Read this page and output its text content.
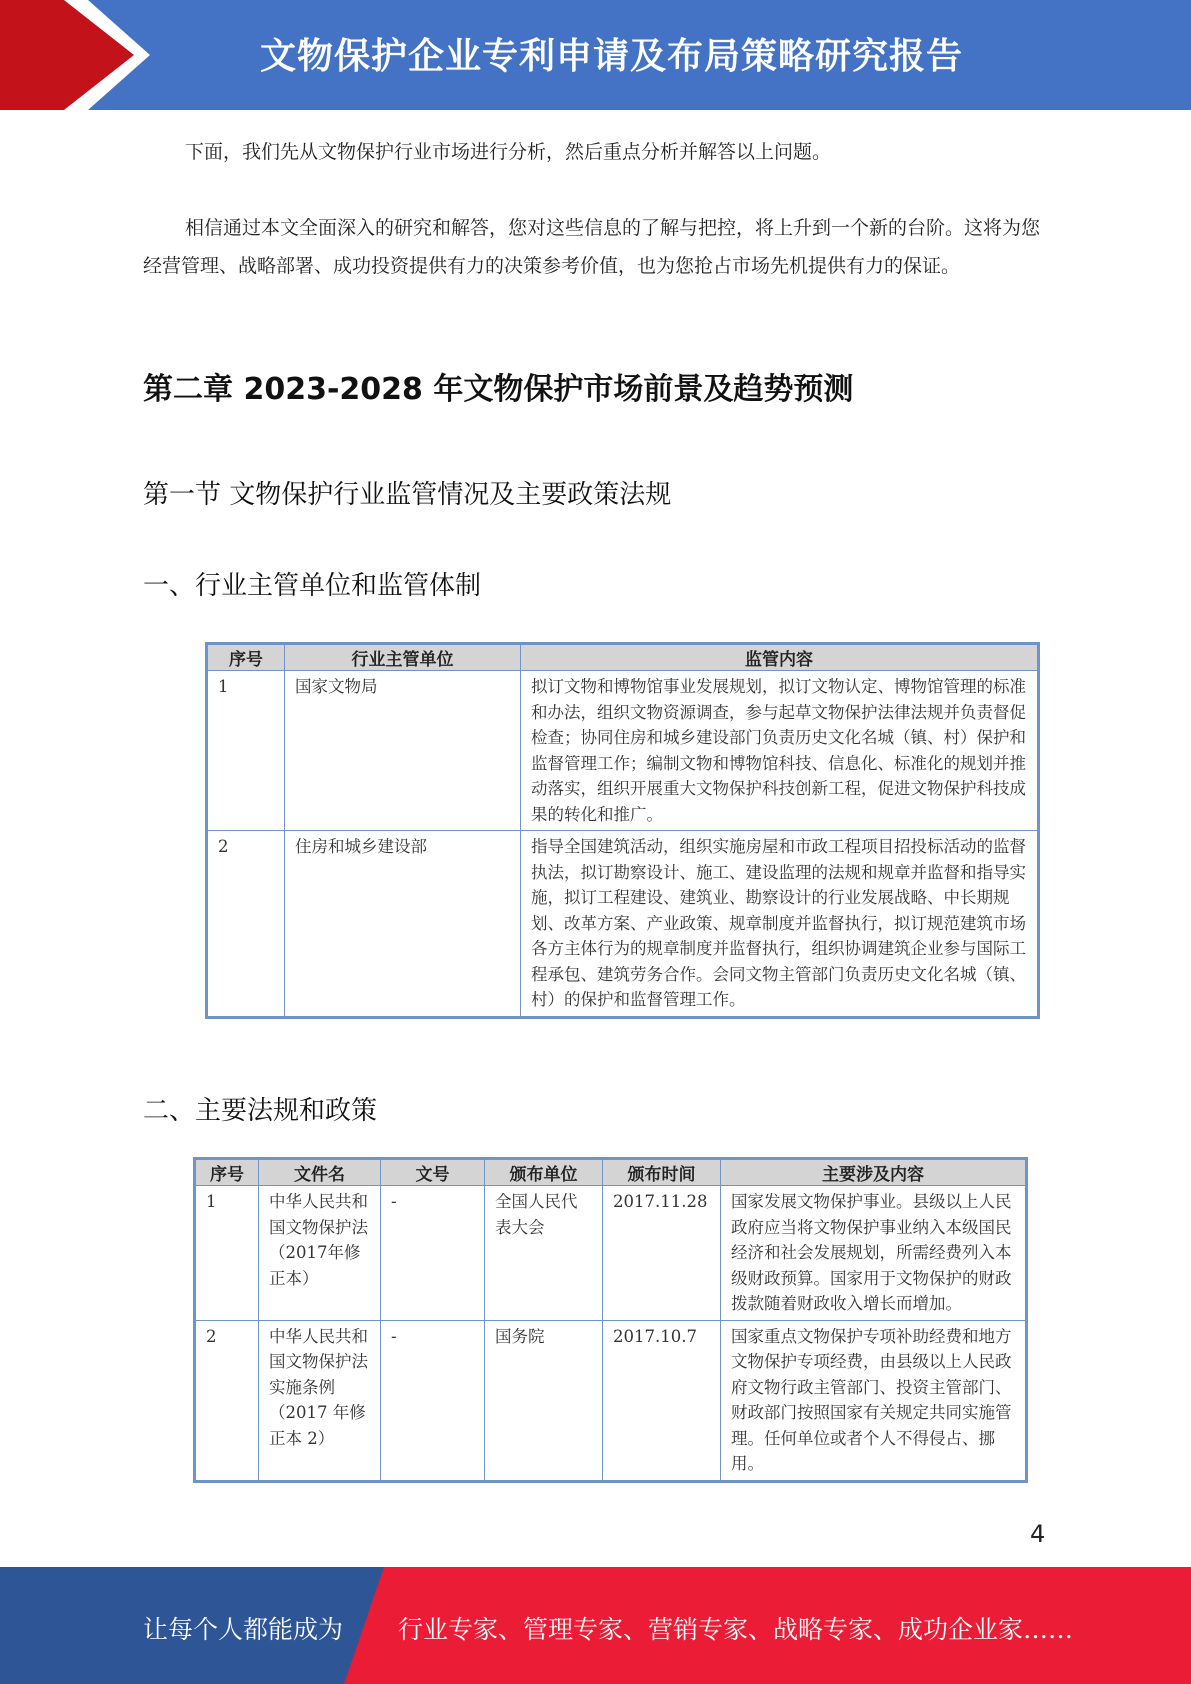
文物保护企业专利申请及布局策略研究报告
下面，我们先从文物保护行业市场进行分析，然后重点分析并解答以上问题。
相信通过本文全面深入的研究和解答，您对这些信息的了解与把控，将上升到一个新的台阶。这将为您经营管理、战略部署、成功投资提供有力的决策参考价值，也为您抢占市场先机提供有力的保证。
第二章 2023-2028 年文物保护市场前景及趋势预测
第一节 文物保护行业监管情况及主要政策法规
一、行业主管单位和监管体制
序号	行业主管单位	监管内容
1	国家文物局	拟订文物和博物馆事业发展规划，拟订文物认定、博物馆管理的标准和办法，组织文物资源调查，参与起草文物保护法律法规并负责督促检查；协同住房和城乡建设部门负责历史文化名城（镇、村）保护和监督管理工作；编制文物和博物馆科技、信息化、标准化的规划并推动落实，组织开展重大文物保护科技创新工程，促进文物保护科技成果的转化和推广。
2	住房和城乡建设部	指导全国建筑活动，组织实施房屋和市政工程项目招投标活动的监督执法，拟订勘察设计、施工、建设监理的法规和规章并监督和指导实施，拟订工程建设、建筑业、勘察设计的行业发展战略、中长期规划、改革方案、产业政策、规章制度并监督执行，拟订规范建筑市场各方主体行为的规章制度并监督执行，组织协调建筑企业参与国际工程承包、建筑劳务合作。会同文物主管部门负责历史文化名城（镇、村）的保护和监督管理工作。
二、主要法规和政策
序号	文件名	文号	颁布单位	颁布时间	主要涉及内容
1	中华人民共和国文物保护法（2017年修正本）	-	全国人民代表大会	2017.11.28	国家发展文物保护事业。县级以上人民政府应当将文物保护事业纳入本级国民经济和社会发展规划，所需经费列入本级财政预算。国家用于文物保护的财政拨款随着财政收入增长而增加。
2	中华人民共和国文物保护法实施条例（2017 年修正本 2）	-	国务院	2017.10.7	国家重点文物保护专项补助经费和地方文物保护专项经费，由县级以上人民政府文物行政主管部门、投资主管部门、财政部门按照国家有关规定共同实施管理。任何单位或者个人不得侵占、挪用。
4
让每个人都能成为 行业专家、管理专家、营销专家、战略专家、成功企业家……
